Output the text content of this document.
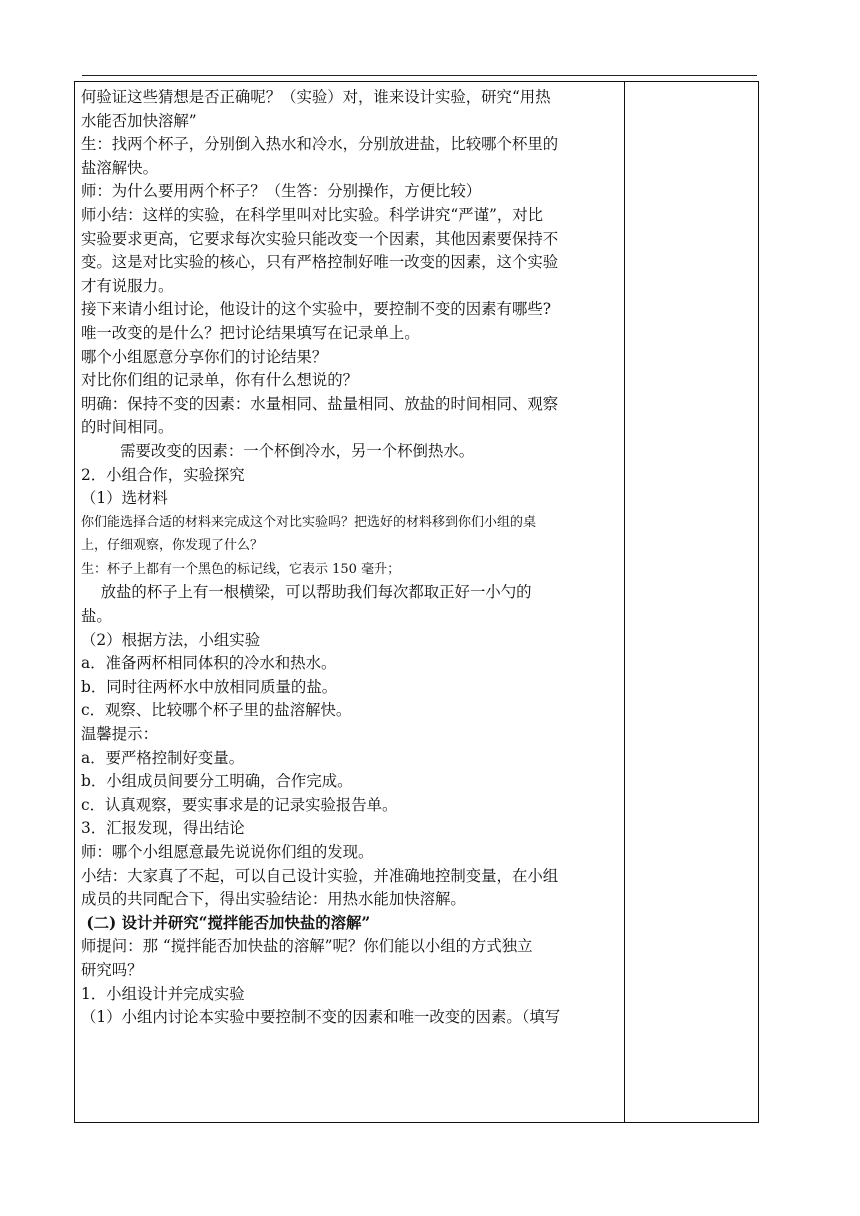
何验证这些猜想是否正确呢？（实验）对，谁来设计实验，研究“用热
水能否加快溶解”
生：找两个杯子，分别倒入热水和冷水，分别放进盐，比较哪个杯里的
盐溶解快。
师：为什么要用两个杯子？（生答：分别操作，方便比较）
师小结：这样的实验，在科学里叫对比实验。科学讲究“严谨”，对比
实验要求更高，它要求每次实验只能改变一个因素，其他因素要保持不
变。这是对比实验的核心，只有严格控制好唯一改变的因素，这个实验
才有说服力。
接下来请小组讨论，他设计的这个实验中，要控制不变的因素有哪些?
唯一改变的是什么？把讨论结果填写在记录单上。
哪个小组愿意分享你们的讨论结果？
对比你们组的记录单，你有什么想说的？
明确：保持不变的因素：水量相同、盐量相同、放盐的时间相同、观察
的时间相同。
需要改变的因素：一个杯倒冷水，另一个杯倒热水。
2．小组合作，实验探究
（1）选材料
你们能选择合适的材料来完成这个对比实验吗？把选好的材料移到你们小组的桌
上，仔细观察，你发现了什么？
生：杯子上都有一个黑色的标记线，它表示 150 毫升；
放盐的杯子上有一根横梁，可以帮助我们每次都取正好一小勺的
盐。
（2）根据方法，小组实验
a．准备两杯相同体积的冷水和热水。
b．同时往两杯水中放相同质量的盐。
c．观察、比较哪个杯子里的盐溶解快。
温馨提示：
a．要严格控制好变量。
b．小组成员间要分工明确，合作完成。
c．认真观察，要实事求是的记录实验报告单。
3．汇报发现，得出结论
师：哪个小组愿意最先说说你们组的发现。
小结：大家真了不起，可以自己设计实验，并准确地控制变量，在小组
成员的共同配合下，得出实验结论：用热水能加快溶解。
(二) 设计并研究“搅拌能否加快盐的溶解”
师提问：那 “搅拌能否加快盐的溶解”呢？你们能以小组的方式独立
研究吗？
1．小组设计并完成实验
（1）小组内讨论本实验中要控制不变的因素和唯一改变的因素。（填写
